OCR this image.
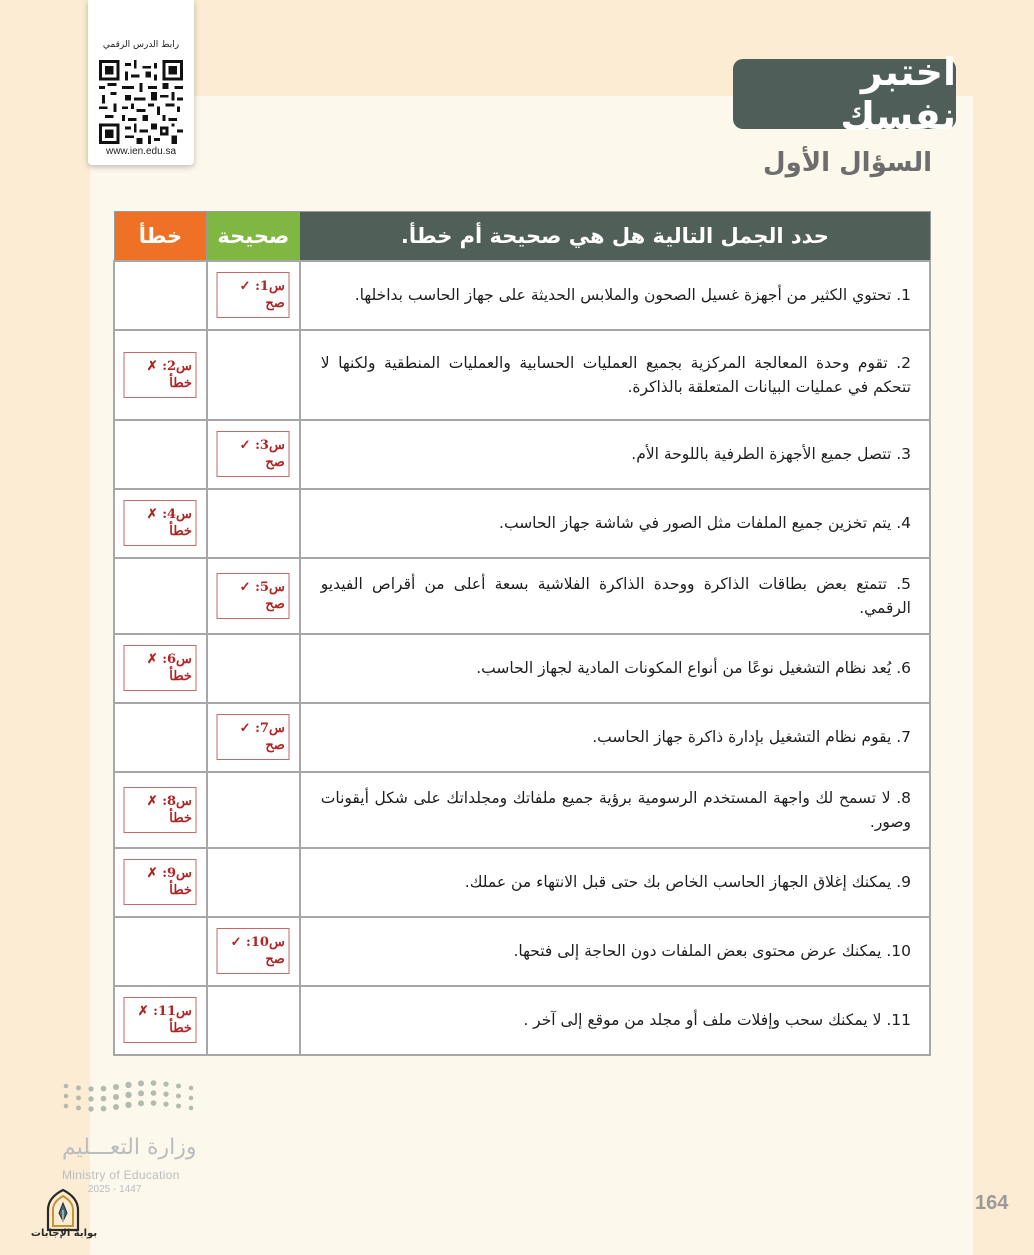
رابط الدرس الرقمي
www.ien.edu.sa
اختبر نفسك
السؤال الأول
حدد الجمل التالية هل هي صحيحة أم خطأ.	صحيحة	خطأ
1. تحتوي الكثير من أجهزة غسيل الصحون والملابس الحديثة على جهاز الحاسب بداخلها.	س1: ✓ صح	

2. تقوم وحدة المعالجة المركزية بجميع العمليات الحسابية والعمليات المنطقية ولكنها لا تتحكم في عمليات البيانات المتعلقة بالذاكرة.		س2: ✗ خطأ

3. تتصل جميع الأجهزة الطرفية باللوحة الأم.	س3: ✓ صح	

4. يتم تخزين جميع الملفات مثل الصور في شاشة جهاز الحاسب.		س4: ✗ خطأ

5. تتمتع بعض بطاقات الذاكرة ووحدة الذاكرة الفلاشية بسعة أعلى من أقراص الفيديو الرقمي.	س5: ✓ صح	

6. يُعد نظام التشغيل نوعًا من أنواع المكونات المادية لجهاز الحاسب.		س6: ✗ خطأ

7. يقوم نظام التشغيل بإدارة ذاكرة جهاز الحاسب.	س7: ✓ صح	

8. لا تسمح لك واجهة المستخدم الرسومية برؤية جميع ملفاتك ومجلداتك على شكل أيقونات وصور.		س8: ✗ خطأ

9. يمكنك إغلاق الجهاز الحاسب الخاص بك حتى قبل الانتهاء من عملك.		س9: ✗ خطأ

10. يمكنك عرض محتوى بعض الملفات دون الحاجة إلى فتحها.	س10: ✓ صح	

11. لا يمكنك سحب وإفلات ملف أو مجلد من موقع إلى آخر .		س11: ✗ خطأ
وزارة التعـــليم
Ministry of Education
2025 - 1447
بوابة الإجابات
164
